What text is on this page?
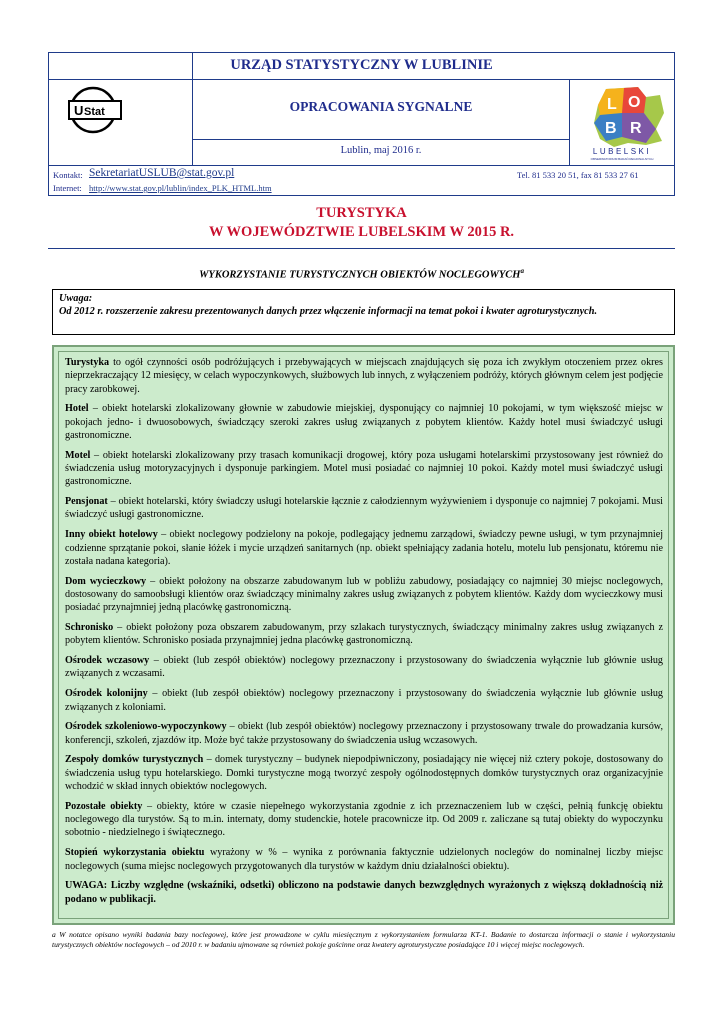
L O
B R
LUBELSKI
OBSERWATORIUM BADAŃ REGIONALNYCH
URZĄD STATYSTYCZNY W LUBLINIE
OPRACOWANIA SYGNALNE
Lublin, maj 2016 r.
Kontakt: SekretariatUSLUB@stat.gov.pl	Tel. 81 533 20 51, fax 81 533 27 61
Internet: http://www.stat.gov.pl/lublin/index_PLK_HTML.htm
U Stat
TURYSTYKA
W WOJEWÓDZTWIE LUBELSKIM W 2015 R.
WYKORZYSTANIE TURYSTYCZNYCH OBIEKTÓW NOCLEGOWYCH$^a$
Uwaga:
Od 2012 r. rozszerzenie zakresu prezentowanych danych przez włączenie informacji na temat pokoi i kwater agroturystycznych.

Turystyka to ogół czynności osób podróżujących i przebywających w miejscach znajdujących się poza ich zwykłym otoczeniem przez okres nieprzekraczający 12 miesięcy, w celach wypoczynkowych, służbowych lub innych, z wyłączeniem podróży, których głównym celem jest podjęcie pracy zarobkowej.

Hotel – obiekt hotelarski zlokalizowany głownie w zabudowie miejskiej, dysponujący co najmniej 10 pokojami, w tym większość miejsc w pokojach jedno- i dwuosobowych, świadczący szeroki zakres usług związanych z pobytem klientów. Każdy hotel musi świadczyć usługi gastronomiczne.

Motel – obiekt hotelarski zlokalizowany przy trasach komunikacji drogowej, który poza usługami hotelarskimi przystosowany jest również do świadczenia usług motoryzacyjnych i dysponuje parkingiem. Motel musi posiadać co najmniej 10 pokoi. Każdy motel musi świadczyć usługi gastronomiczne.

Pensjonat – obiekt hotelarski, który świadczy usługi hotelarskie łącznie z całodziennym wyżywieniem i dysponuje co najmniej 7 pokojami. Musi świadczyć usługi gastronomiczne.

Inny obiekt hotelowy – obiekt noclegowy podzielony na pokoje, podlegający jednemu zarządowi, świadczy pewne usługi, w tym przynajmniej codzienne sprzątanie pokoi, słanie łóżek i mycie urządzeń sanitarnych (np. obiekt spełniający zadania hotelu, motelu lub pensjonatu, któremu nie została nadana kategoria).

Dom wycieczkowy – obiekt położony na obszarze zabudowanym lub w pobliżu zabudowy, posiadający co najmniej 30 miejsc noclegowych, dostosowany do samoobsługi klientów oraz świadczący minimalny zakres usług związanych z pobytem klientów. Każdy dom wycieczkowy musi posiadać przynajmniej jedną placówkę gastronomiczną.

Schronisko – obiekt położony poza obszarem zabudowanym, przy szlakach turystycznych, świadczący minimalny zakres usług związanych z pobytem klientów. Schronisko posiada przynajmniej jedna placówkę gastronomiczną.

Ośrodek wczasowy – obiekt (lub zespół obiektów) noclegowy przeznaczony i przystosowany do świadczenia wyłącznie lub głównie usług związanych z wczasami.

Ośrodek kolonijny – obiekt (lub zespół obiektów) noclegowy przeznaczony i przystosowany do świadczenia wyłącznie lub głównie usług związanych z koloniami.

Ośrodek szkoleniowo-wypoczynkowy – obiekt (lub zespół obiektów) noclegowy przeznaczony i przystosowany trwale do prowadzania kursów, konferencji, szkoleń, zjazdów itp. Może być także przystosowany do świadczenia usług wczasowych.

Zespoły domków turystycznych – domek turystyczny – budynek niepodpiwniczony, posiadający nie więcej niż cztery pokoje, dostosowany do świadczenia usług typu hotelarskiego. Domki turystyczne mogą tworzyć zespoły ogólnodostępnych domków turystycznych oraz organizacyjnie wchodzić w skład innych obiektów noclegowych.

Pozostałe obiekty – obiekty, które w czasie niepełnego wykorzystania zgodnie z ich przeznaczeniem lub w części, pełnią funkcję obiektu noclegowego dla turystów. Są to m.in. internaty, domy studenckie, hotele pracownicze itp. Od 2009 r. zaliczane są tutaj obiekty do wypoczynku sobotnio - niedzielnego i świątecznego.

Stopień wykorzystania obiektu wyrażony w % – wynika z porównania faktycznie udzielonych noclegów do nominalnej liczby miejsc noclegowych (suma miejsc noclegowych przygotowanych dla turystów w każdym dniu działalności obiektu).

UWAGA: Liczby względne (wskaźniki, odsetki) obliczono na podstawie danych bezwzględnych wyrażonych z większą dokładnością niż podano w publikacji.

a W notatce opisano wyniki badania bazy noclegowej, które jest prowadzone w cyklu miesięcznym z wykorzystaniem formularza KT-1. Badanie to dostarcza informacji o stanie i wykorzystaniu turystycznych obiektów noclegowych – od 2010 r. w badaniu ujmowane są również pokoje gościnne oraz kwatery agroturystyczne posiadające 10 i więcej miejsc noclegowych.
